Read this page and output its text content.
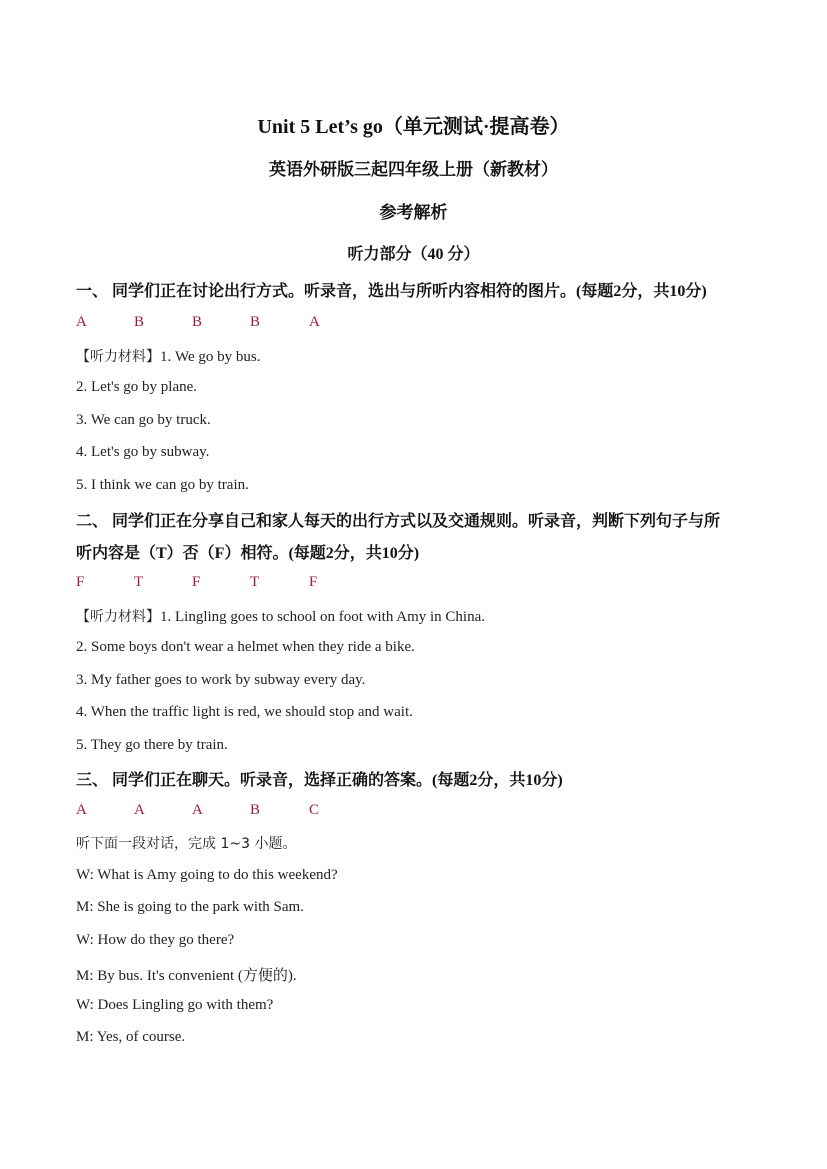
Unit 5 Let’s go（单元测试·提高卷）
英语外研版三起四年级上册（新教材）
参考解析
听力部分（40 分）
一、 同学们正在讨论出行方式。听录音，选出与所听内容相符的图片。(每题2分，共10分)
A	B	B	B	A
【听力材料】1. We go by bus.
2. Let's go by plane.
3. We can go by truck.
4. Let's go by subway.
5. I think we can go by train.
二、 同学们正在分享自己和家人每天的出行方式以及交通规则。听录音，判断下列句子与所
听内容是（T）否（F）相符。(每题2分，共10分)
F	T	F	T	F
【听力材料】1. Lingling goes to school on foot with Amy in China.
2. Some boys don't wear a helmet when they ride a bike.
3. My father goes to work by subway every day.
4. When the traffic light is red, we should stop and wait.
5. They go there by train.
三、 同学们正在聊天。听录音，选择正确的答案。(每题2分，共10分)
A	A	A	B	C
听下面一段对话，完成 1~3 小题。
W: What is Amy going to do this weekend?
M: She is going to the park with Sam.
W: How do they go there?
M: By bus. It's convenient (方便的).
W: Does Lingling go with them?
M: Yes, of course.
